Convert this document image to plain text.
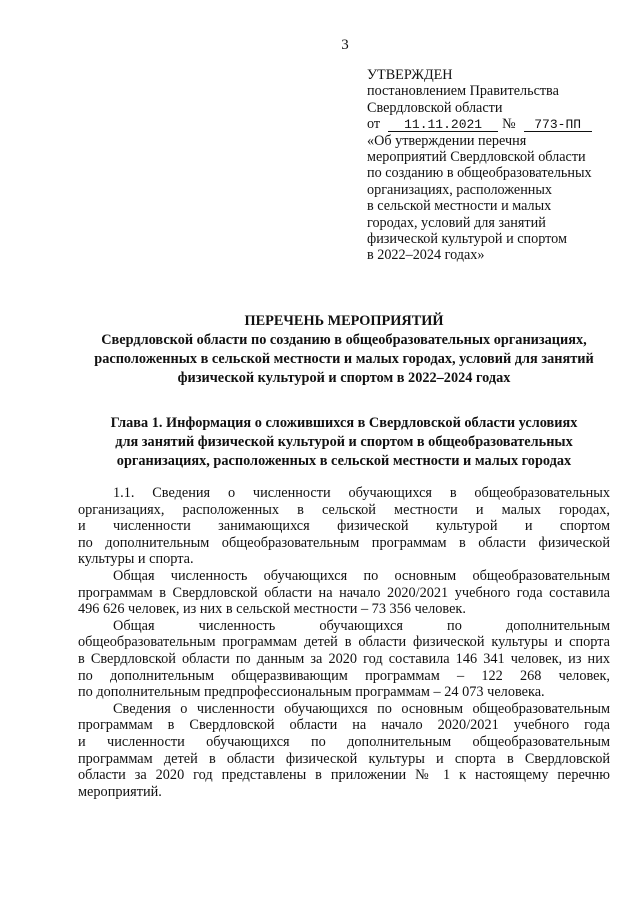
3
УТВЕРЖДЕН
постановлением Правительства
Свердловской области
от 11.11.2021 № 773-ПП
«Об утверждении перечня
мероприятий Свердловской области
по созданию в общеобразовательных
организациях, расположенных
в сельской местности и малых
городах, условий для занятий
физической культурой и спортом
в 2022–2024 годах»
ПЕРЕЧЕНЬ МЕРОПРИЯТИЙ
Свердловской области по созданию в общеобразовательных организациях,
расположенных в сельской местности и малых городах, условий для занятий
физической культурой и спортом в 2022–2024 годах
Глава 1. Информация о сложившихся в Свердловской области условиях
для занятий физической культурой и спортом в общеобразовательных
организациях, расположенных в сельской местности и малых городах
1.1. Сведения о численности обучающихся в общеобразовательных
организациях, расположенных в сельской местности и малых городах,
и численности занимающихся физической культурой и спортом
по дополнительным общеобразовательным программам в области физической
культуры и спорта.
Общая численность обучающихся по основным общеобразовательным
программам в Свердловской области на начало 2020/2021 учебного года составила
496 626 человек, из них в сельской местности – 73 356 человек.
Общая численность обучающихся по дополнительным
общеобразовательным программам детей в области физической культуры и спорта
в Свердловской области по данным за 2020 год составила 146 341 человек, из них
по дополнительным общеразвивающим программам – 122 268 человек,
по дополнительным предпрофессиональным программам – 24 073 человека.
Сведения о численности обучающихся по основным общеобразовательным
программам в Свердловской области на начало 2020/2021 учебного года
и численности обучающихся по дополнительным общеобразовательным
программам детей в области физической культуры и спорта в Свердловской
области за 2020 год представлены в приложении № 1 к настоящему перечню
мероприятий.
